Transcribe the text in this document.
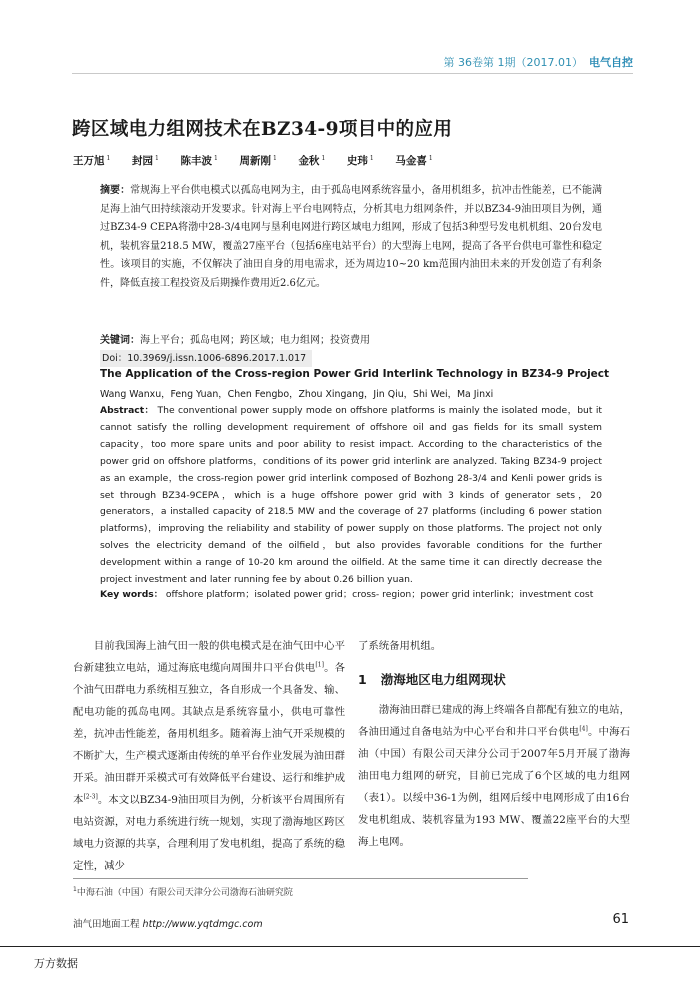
第 36卷第 1期（2017.01） 电气自控
跨区域电力组网技术在BZ34-9项目中的应用
王万旭 $^1$ 封园 $^1$ 陈丰波 $^1$ 周新刚 $^1$ 金秋 $^1$ 史玮 $^1$ 马金喜 $^1$
摘要：常规海上平台供电模式以孤岛电网为主，由于孤岛电网系统容量小，备用机组多，抗冲击性能差，已不能满足海上油气田持续滚动开发要求。针对海上平台电网特点，分析其电力组网条件，并以BZ34-9油田项目为例，通过BZ34-9 CEPA将渤中28-3/4电网与垦利电网进行跨区域电力组网，形成了包括3种型号发电机机组、20台发电机，装机容量218.5 MW，覆盖27座平台（包括6座电站平台）的大型海上电网，提高了各平台供电可靠性和稳定性。该项目的实施，不仅解决了油田自身的用电需求，还为周边10~20 km范围内油田未来的开发创造了有利条件，降低直接工程投资及后期操作费用近2.6亿元。
关键词：海上平台；孤岛电网；跨区域；电力组网；投资费用
Doi：10.3969/j.issn.1006-6896.2017.1.017
The Application of the Cross-region Power Grid Interlink Technology in BZ34-9 Project
Wang Wanxu，Feng Yuan，Chen Fengbo，Zhou Xingang，Jin Qiu，Shi Wei，Ma Jinxi
Abstract： The conventional power supply mode on offshore platforms is mainly the isolated mode，but it cannot satisfy the rolling development requirement of offshore oil and gas fields for its small system capacity，too more spare units and poor ability to resist impact. According to the characteristics of the power grid on offshore platforms，conditions of its power grid interlink are analyzed. Taking BZ34-9 project as an example，the cross-region power grid interlink composed of Bozhong 28-3/4 and Kenli power grids is set through BZ34-9CEPA，which is a huge offshore power grid with 3 kinds of generator sets，20 generators，a installed capacity of 218.5 MW and the coverage of 27 platforms (including 6 power station platforms)，improving the reliability and stability of power supply on those platforms. The project not only solves the electricity demand of the oilfield，but also provides favorable conditions for the further development within a range of 10-20 km around the oilfield. At the same time it can directly decrease the project investment and later running fee by about 0.26 billion yuan.
Key words： offshore platform；isolated power grid；cross- region；power grid interlink；investment cost

目前我国海上油气田一般的供电模式是在油气田中心平台新建独立电站，通过海底电缆向周围井口平台供电[1]。各个油气田群电力系统相互独立，各自形成一个具备发、输、配电功能的孤岛电网。其缺点是系统容量小，供电可靠性差，抗冲击性能差，备用机组多。随着海上油气开采规模的不断扩大，生产模式逐渐由传统的单平台作业发展为油田群开采。油田群开采模式可有效降低平台建设、运行和维护成本[2-3]。本文以BZ34-9油田项目为例，分析该平台周围所有电站资源，对电力系统进行统一规划，实现了渤海地区跨区域电力资源的共享，合理利用了发电机组，提高了系统的稳定性，减少

了系统备用机组。

1 渤海地区电力组网现状

渤海油田群已建成的海上终端各自都配有独立的电站，各油田通过自备电站为中心平台和井口平台供电[4]。中海石油（中国）有限公司天津分公司于2007年5月开展了渤海油田电力组网的研究，目前已完成了6个区域的电力组网（表1）。以绥中36-1为例，组网后绥中电网形成了由16台发电机组成、装机容量为193 MW、覆盖22座平台的大型海上电网。

$^1$中海石油（中国）有限公司天津分公司渤海石油研究院
油气田地面工程 http://www.yqtdmgc.com	61
万方数据
